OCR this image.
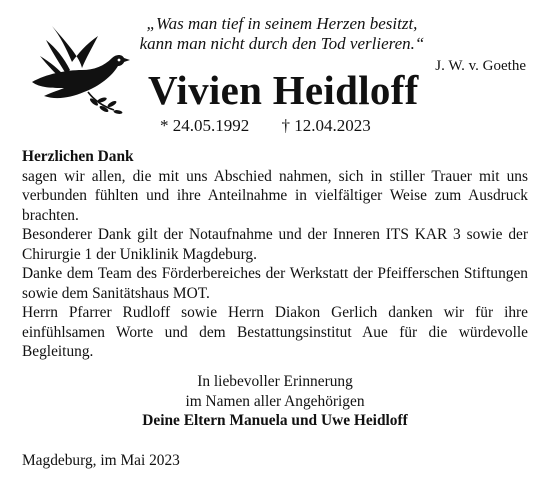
„Was man tief in seinem Herzen besitzt,
kann man nicht durch den Tod verlieren.“
J. W. v. Goethe
Vivien Heidloff
* 24.05.1992 † 12.04.2023
Herzlichen Dank

sagen wir allen, die mit uns Abschied nahmen, sich in stiller Trauer mit uns verbunden fühlten und ihre Anteilnahme in vielfältiger Weise zum Ausdruck brachten.

Besonderer Dank gilt der Notaufnahme und der Inneren ITS KAR 3 sowie der Chirurgie 1 der Uniklinik Magdeburg.

Danke dem Team des Förderbereiches der Werkstatt der Pfeifferschen Stiftungen sowie dem Sanitätshaus MOT.

Herrn Pfarrer Rudloff sowie Herrn Diakon Gerlich danken wir für ihre einfühlsamen Worte und dem Bestattungsinstitut Aue für die würdevolle Begleitung.

In liebevoller Erinnerung
im Namen aller Angehörigen
Deine Eltern Manuela und Uwe Heidloff
Magdeburg, im Mai 2023
